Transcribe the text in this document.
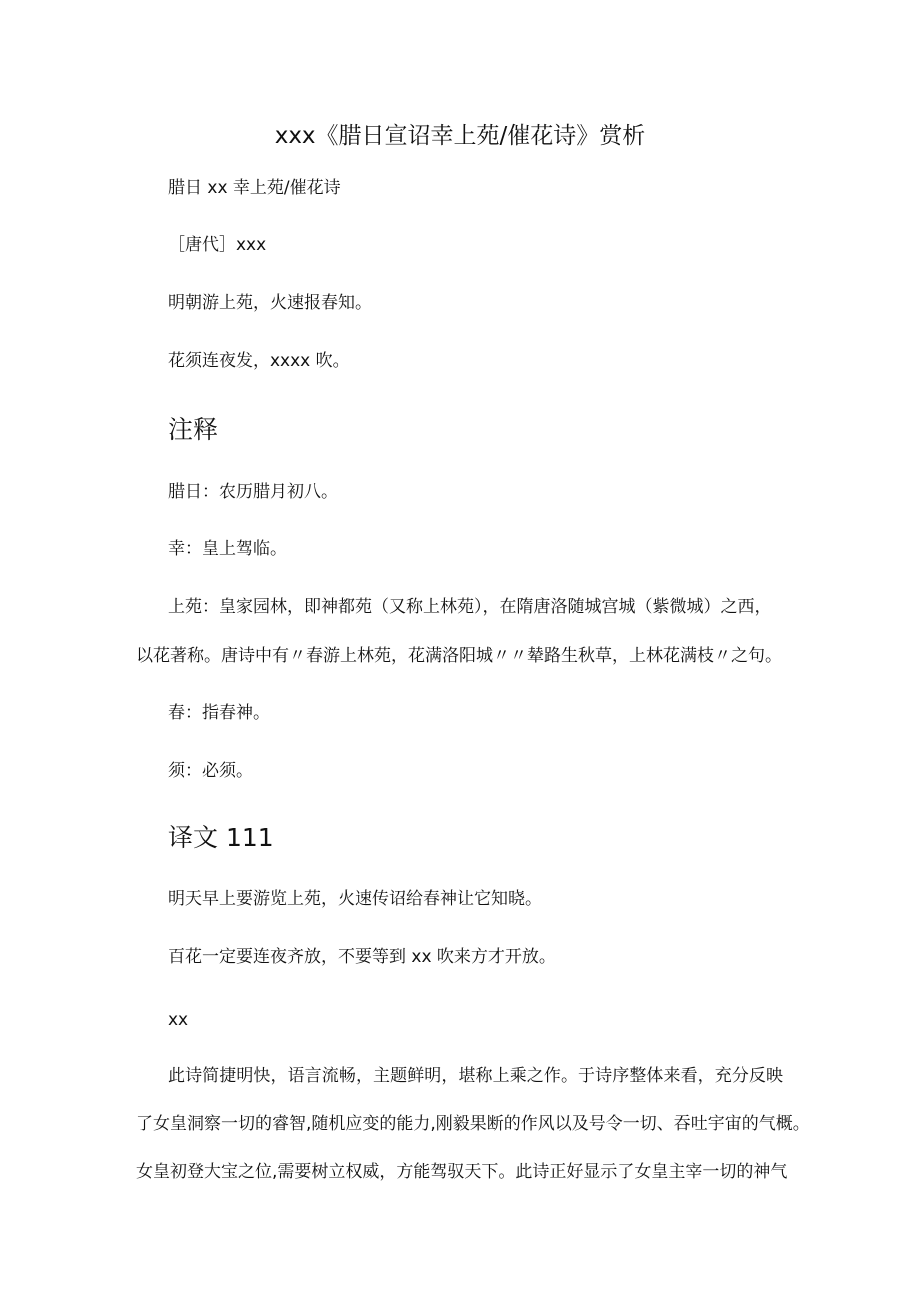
xxx《腊日宣诏幸上苑/催花诗》赏析
腊日 xx 幸上苑/催花诗
［唐代］xxx
明朝游上苑，火速报春知。
花须连夜发，xxxx 吹。
注释
腊日：农历腊月初八。
幸：皇上驾临。
上苑：皇家园林，即神都苑（又称上林苑），在隋唐洛随城宫城（紫微城）之西，
以花著称。唐诗中有〃春游上林苑，花满洛阳城〃〃辇路生秋草，上林花满枝〃之句。
春：指春神。
须：必须。
译文 111
明天早上要游览上苑，火速传诏给春神让它知晓。
百花一定要连夜齐放，不要等到 xx 吹来方才开放。
xx
此诗简捷明快，语言流畅，主题鲜明，堪称上乘之作。于诗序整体来看，充分反映
了女皇洞察一切的睿智,随机应变的能力,刚毅果断的作风以及号令一切、吞吐宇宙的气概。
女皇初登大宝之位,需要树立权威，方能驾驭天下。此诗正好显示了女皇主宰一切的神气
